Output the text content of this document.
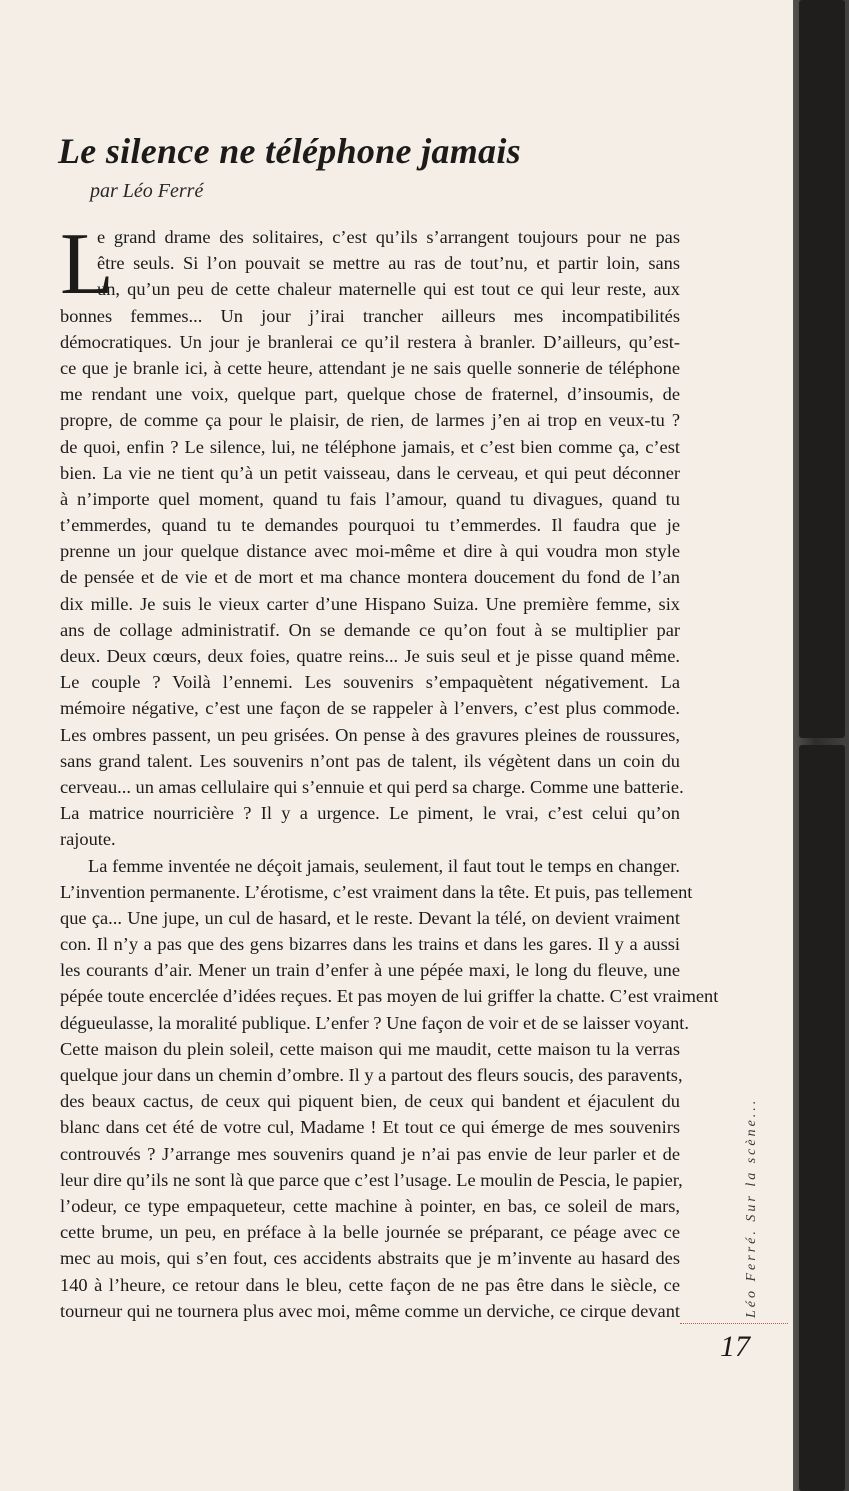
Le silence ne téléphone jamais
par Léo Ferré
L
e grand drame des solitaires, c’est qu’ils s’arrangent toujours pour ne pas
être seuls. Si l’on pouvait se mettre au ras de tout’nu, et partir loin, sans
un, qu’un peu de cette chaleur maternelle qui est tout ce qui leur reste, aux
bonnes femmes... Un jour j’irai trancher ailleurs mes incompatibilités
démocratiques. Un jour je branlerai ce qu’il restera à branler. D’ailleurs, qu’est-
ce que je branle ici, à cette heure, attendant je ne sais quelle sonnerie de téléphone
me rendant une voix, quelque part, quelque chose de fraternel, d’insoumis, de
propre, de comme ça pour le plaisir, de rien, de larmes j’en ai trop en veux-tu ?
de quoi, enfin ? Le silence, lui, ne téléphone jamais, et c’est bien comme ça, c’est
bien. La vie ne tient qu’à un petit vaisseau, dans le cerveau, et qui peut déconner
à n’importe quel moment, quand tu fais l’amour, quand tu divagues, quand tu
t’emmerdes, quand tu te demandes pourquoi tu t’emmerdes. Il faudra que je
prenne un jour quelque distance avec moi-même et dire à qui voudra mon style
de pensée et de vie et de mort et ma chance montera doucement du fond de l’an
dix mille. Je suis le vieux carter d’une Hispano Suiza. Une première femme, six
ans de collage administratif. On se demande ce qu’on fout à se multiplier par
deux. Deux cœurs, deux foies, quatre reins... Je suis seul et je pisse quand même.
Le couple ? Voilà l’ennemi. Les souvenirs s’empaquètent négativement. La
mémoire négative, c’est une façon de se rappeler à l’envers, c’est plus commode.
Les ombres passent, un peu grisées. On pense à des gravures pleines de roussures,
sans grand talent. Les souvenirs n’ont pas de talent, ils végètent dans un coin du
cerveau... un amas cellulaire qui s’ennuie et qui perd sa charge. Comme une batterie.
La matrice nourricière ? Il y a urgence. Le piment, le vrai, c’est celui qu’on
rajoute.
La femme inventée ne déçoit jamais, seulement, il faut tout le temps en changer.
L’invention permanente. L’érotisme, c’est vraiment dans la tête. Et puis, pas tellement
que ça... Une jupe, un cul de hasard, et le reste. Devant la télé, on devient vraiment
con. Il n’y a pas que des gens bizarres dans les trains et dans les gares. Il y a aussi
les courants d’air. Mener un train d’enfer à une pépée maxi, le long du fleuve, une
pépée toute encerclée d’idées reçues. Et pas moyen de lui griffer la chatte. C’est vraiment
dégueulasse, la moralité publique. L’enfer ? Une façon de voir et de se laisser voyant.
Cette maison du plein soleil, cette maison qui me maudit, cette maison tu la verras
quelque jour dans un chemin d’ombre. Il y a partout des fleurs soucis, des paravents,
des beaux cactus, de ceux qui piquent bien, de ceux qui bandent et éjaculent du
blanc dans cet été de votre cul, Madame ! Et tout ce qui émerge de mes souvenirs
controuvés ? J’arrange mes souvenirs quand je n’ai pas envie de leur parler et de
leur dire qu’ils ne sont là que parce que c’est l’usage. Le moulin de Pescia, le papier,
l’odeur, ce type empaqueteur, cette machine à pointer, en bas, ce soleil de mars,
cette brume, un peu, en préface à la belle journée se préparant, ce péage avec ce
mec au mois, qui s’en fout, ces accidents abstraits que je m’invente au hasard des
140 à l’heure, ce retour dans le bleu, cette façon de ne pas être dans le siècle, ce
tourneur qui ne tournera plus avec moi, même comme un derviche, ce cirque devant	Léo Ferré. Sur la scène...
17
